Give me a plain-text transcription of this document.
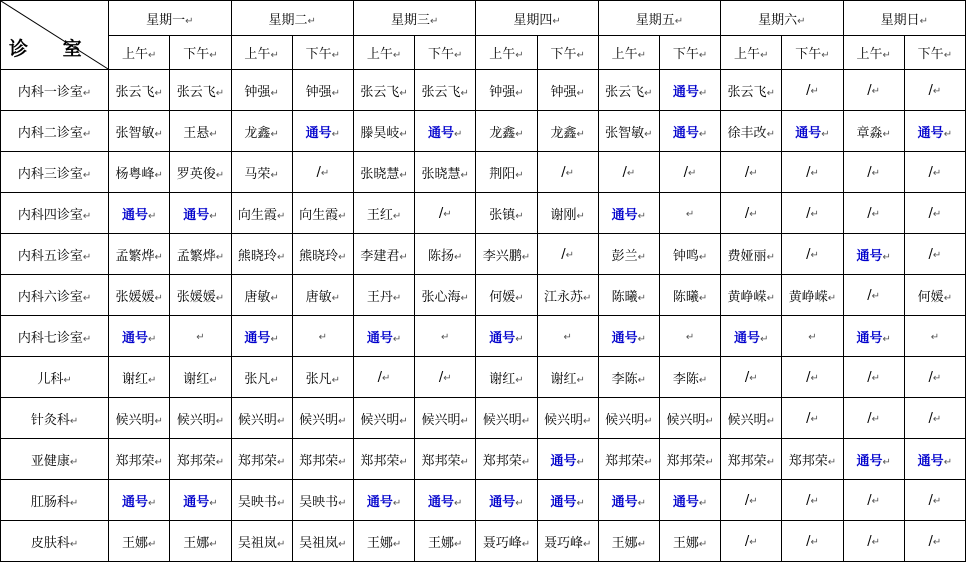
诊 室	星期一↵		星期二↵		星期三↵		星期四↵		星期五↵		星期六↵		星期日↵	
	上午↵	下午↵	上午↵	下午↵	上午↵	下午↵	上午↵	下午↵	上午↵	下午↵	上午↵	下午↵	上午↵	下午↵
内科一诊室↵	张云飞↵	张云飞↵	钟强↵	钟强↵	张云飞↵	张云飞↵	钟强↵	钟强↵	张云飞↵	通号↵	张云飞↵	/↵	/↵	/↵
内科二诊室↵	张智敏↵	王悬↵	龙鑫↵	通号↵	滕昊岐↵	通号↵	龙鑫↵	龙鑫↵	张智敏↵	通号↵	徐丰改↵	通号↵	章淼↵	通号↵
内科三诊室↵	杨粤峰↵	罗英俊↵	马荣↵	/↵	张晓慧↵	张晓慧↵	荆阳↵	/↵	/↵	/↵	/↵	/↵	/↵	/↵
内科四诊室↵	通号↵	通号↵	向生霞↵	向生霞↵	王红↵	/↵	张镇↵	谢刚↵	通号↵	↵	/↵	/↵	/↵	/↵
内科五诊室↵	孟繁烨↵	孟繁烨↵	熊晓玲↵	熊晓玲↵	李建君↵	陈扬↵	李兴鹏↵	/↵	彭兰↵	钟鸣↵	费娅丽↵	/↵	通号↵	/↵
内科六诊室↵	张媛媛↵	张媛媛↵	唐敏↵	唐敏↵	王丹↵	张心海↵	何媛↵	江永苏↵	陈曦↵	陈曦↵	黄峥嵘↵	黄峥嵘↵	/↵	何媛↵
内科七诊室↵	通号↵	↵	通号↵	↵	通号↵	↵	通号↵	↵	通号↵	↵	通号↵	↵	通号↵	↵
儿科↵	谢红↵	谢红↵	张凡↵	张凡↵	/↵	/↵	谢红↵	谢红↵	李陈↵	李陈↵	/↵	/↵	/↵	/↵
针灸科↵	候兴明↵	候兴明↵	候兴明↵	候兴明↵	候兴明↵	候兴明↵	候兴明↵	候兴明↵	候兴明↵	候兴明↵	候兴明↵	/↵	/↵	/↵
亚健康↵	郑邦荣↵	郑邦荣↵	郑邦荣↵	郑邦荣↵	郑邦荣↵	郑邦荣↵	郑邦荣↵	通号↵	郑邦荣↵	郑邦荣↵	郑邦荣↵	郑邦荣↵	通号↵	通号↵
肛肠科↵	通号↵	通号↵	吴映书↵	吴映书↵	通号↵	通号↵	通号↵	通号↵	通号↵	通号↵	/↵	/↵	/↵	/↵
皮肤科↵	王娜↵	王娜↵	吴祖岚↵	吴祖岚↵	王娜↵	王娜↵	聂巧峰↵	聂巧峰↵	王娜↵	王娜↵	/↵	/↵	/↵	/↵
